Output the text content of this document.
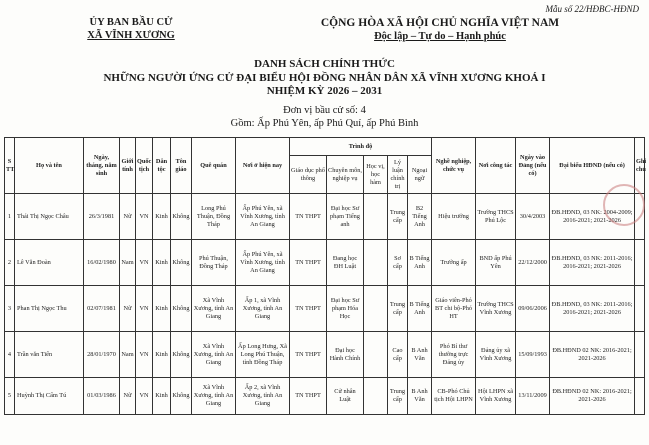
Mẫu số 22/HĐBC-HĐND
ỦY BAN BẦU CỬ
XÃ VĨNH XƯƠNG
CỘNG HÒA XÃ HỘI CHỦ NGHĨA VIỆT NAM
Độc lập – Tự do – Hạnh phúc
DANH SÁCH CHÍNH THỨC
NHỮNG NGƯỜI ỨNG CỬ ĐẠI BIỂU HỘI ĐỒNG NHÂN DÂN XÃ VĨNH XƯƠNG KHOÁ I
NHIỆM KỲ 2026 – 2031
Đơn vị bầu cử số: 4
Gồm: Ấp Phú Yên, ấp Phú Quí, ấp Phú Bình
S TT	Họ và tên	Ngày, tháng, năm sinh	Giới tính	Quốc tịch	Dân tộc	Tôn giáo	Quê quán	Nơi ở hiện nay	Trình độ					Nghề nghiệp, chức vụ	Nơi công tác	Ngày vào Đảng (nếu có)	Đại biểu HĐND (nếu có)	Ghi chú
									Giáo dục phổ thông	Chuyên môn, nghiệp vụ	Học vị, học hàm	Lý luận chính trị	Ngoại ngữ					
1	Thái Thị Ngọc Châu	26/3/1981	Nữ	VN	Kinh	Không	Long Phú Thuận, Đồng Tháp	Ấp Phú Yên, xã Vĩnh Xương, tỉnh An Giang	TN THPT	Đại học Sư phạm Tiếng anh		Trung cấp	B2 Tiếng Anh	Hiệu trưởng	Trường THCS Phú Lộc	30/4/2003	ĐB.HĐND, 03 NK: 2004-2009; 2016-2021; 2021-2026	
2	Lê Văn Đoàn	16/02/1980	Nam	VN	Kinh	Không	Phú Thuận, Đồng Tháp	Ấp Phú Yên, xã Vĩnh Xương, tỉnh An Giang	TN THPT	Đang học ĐH Luật		Sơ cấp	B Tiếng Anh	Trưởng ấp	BND ấp Phú Yên	22/12/2000	ĐB.HĐND, 03 NK: 2011-2016; 2016-2021; 2021-2026	
3	Phan Thị Ngọc Thu	02/07/1981	Nữ	VN	Kinh	Không	Xã Vĩnh Xương, tỉnh An Giang	Ấp 1, xã Vĩnh Xương, tỉnh An Giang	TN THPT	Đại học Sư phạm Hóa Học		Trung cấp	B Tiếng Anh	Giáo viên-Phó BT chi bộ-Phó HT	Trường THCS Vĩnh Xương	09/06/2006	ĐB.HĐND, 03 NK: 2011-2016; 2016-2021; 2021-2026	
4	Trần văn Tiến	28/01/1970	Nam	VN	Kinh	Không	Xã Vĩnh Xương, tỉnh An Giang	Ấp Long Hưng, Xã Long Phú Thuận, tỉnh Đồng Tháp	TN THPT	Đại học Hành Chính		Cao cấp	B Anh Văn	Phó Bí thư thường trực Đảng ủy	Đảng ủy xã Vĩnh Xương	15/09/1993	ĐB.HĐND 02 NK: 2016-2021; 2021-2026	
5	Huỳnh Thị Cẩm Tú	01/03/1986	Nữ	VN	Kinh	Không	Xã Vĩnh Xương, tỉnh An Giang	Ấp 2, xã Vĩnh Xương, tỉnh An Giang	TN THPT	Cử nhân Luật		Trung cấp	B Anh Văn	CB-Phó Chủ tịch Hội LHPN	Hội LHPN xã Vĩnh Xương	13/11/2009	ĐB.HĐND 02 NK: 2016-2021; 2021-2026	
